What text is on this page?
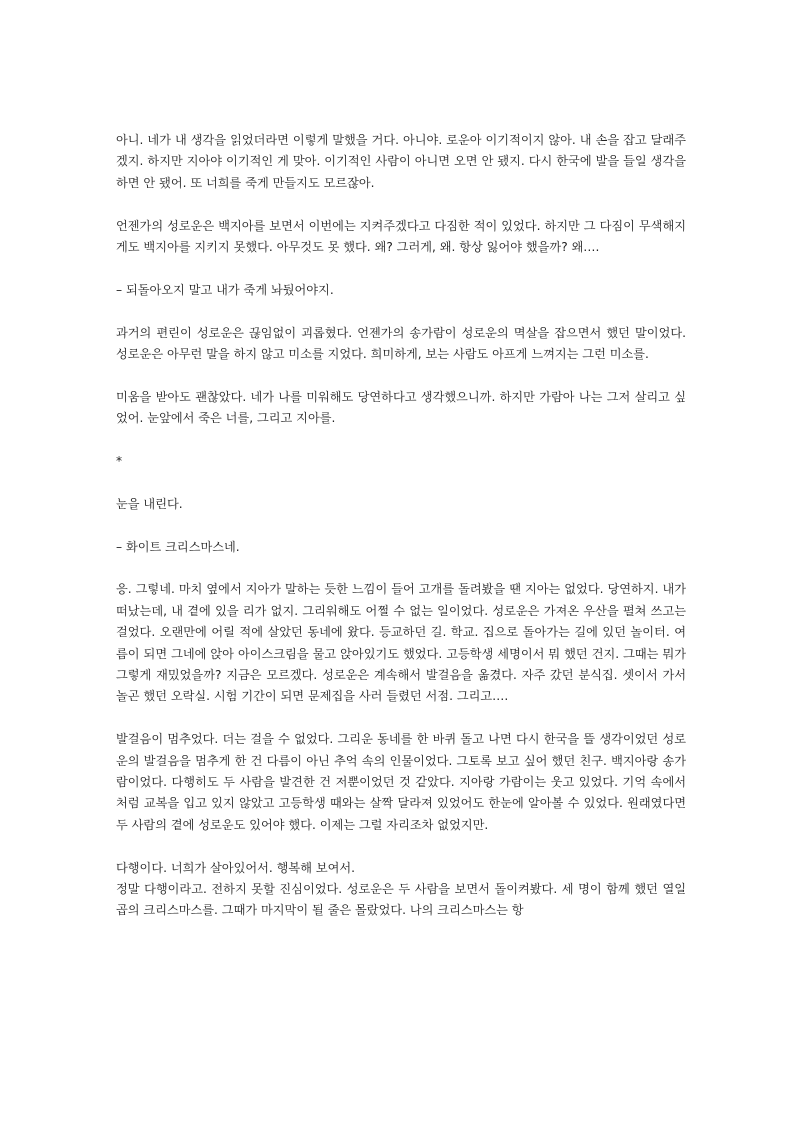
아니. 네가 내 생각을 읽었더라면 이렇게 말했을 거다. 아니야. 로운아 이기적이지 않아. 내 손을 잡고 달래주겠지. 하지만 지아야 이기적인 게 맞아. 이기적인 사람이 아니면 오면 안 됐지. 다시 한국에 발을 들일 생각을 하면 안 됐어. 또 너희를 죽게 만들지도 모르잖아.

언젠가의 성로운은 백지아를 보면서 이번에는 지켜주겠다고 다짐한 적이 있었다. 하지만 그 다짐이 무색해지게도 백지아를 지키지 못했다. 아무것도 못 했다. 왜? 그러게, 왜. 항상 잃어야 했을까? 왜….

– 되돌아오지 말고 내가 죽게 놔뒀어야지.

과거의 편린이 성로운은 끊임없이 괴롭혔다. 언젠가의 송가람이 성로운의 멱살을 잡으면서 했던 말이었다. 성로운은 아무런 말을 하지 않고 미소를 지었다. 희미하게, 보는 사람도 아프게 느껴지는 그런 미소를.

미움을 받아도 괜찮았다. 네가 나를 미워해도 당연하다고 생각했으니까. 하지만 가람아 나는 그저 살리고 싶었어. 눈앞에서 죽은 너를, 그리고 지아를.

*

눈을 내린다.

– 화이트 크리스마스네.

응. 그렇네. 마치 옆에서 지아가 말하는 듯한 느낌이 들어 고개를 돌려봤을 땐 지아는 없었다. 당연하지. 내가 떠났는데, 내 곁에 있을 리가 없지. 그리워해도 어쩔 수 없는 일이었다. 성로운은 가져온 우산을 펼쳐 쓰고는 걸었다. 오랜만에 어릴 적에 살았던 동네에 왔다. 등교하던 길. 학교. 집으로 돌아가는 길에 있던 놀이터. 여름이 되면 그네에 앉아 아이스크림을 물고 앉아있기도 했었다. 고등학생 세명이서 뭐 했던 건지. 그때는 뭐가 그렇게 재밌었을까? 지금은 모르겠다. 성로운은 계속해서 발걸음을 옮겼다. 자주 갔던 분식집. 셋이서 가서 놀곤 했던 오락실. 시험 기간이 되면 문제집을 사러 들렸던 서점. 그리고….

발걸음이 멈추었다. 더는 걸을 수 없었다. 그리운 동네를 한 바퀴 돌고 나면 다시 한국을 뜰 생각이었던 성로운의 발걸음을 멈추게 한 건 다름이 아닌 추억 속의 인물이었다. 그토록 보고 싶어 했던 친구. 백지아랑 송가람이었다. 다행히도 두 사람을 발견한 건 저뿐이었던 것 같았다. 지아랑 가람이는 웃고 있었다. 기억 속에서처럼 교복을 입고 있지 않았고 고등학생 때와는 살짝 달라져 있었어도 한눈에 알아볼 수 있었다. 원래였다면 두 사람의 곁에 성로운도 있어야 했다. 이제는 그럴 자리조차 없었지만.

다행이다. 너희가 살아있어서. 행복해 보여서.

정말 다행이라고. 전하지 못할 진심이었다. 성로운은 두 사람을 보면서 돌이켜봤다. 세 명이 함께 했던 열일곱의 크리스마스를. 그때가 마지막이 될 줄은 몰랐었다. 나의 크리스마스는 항
